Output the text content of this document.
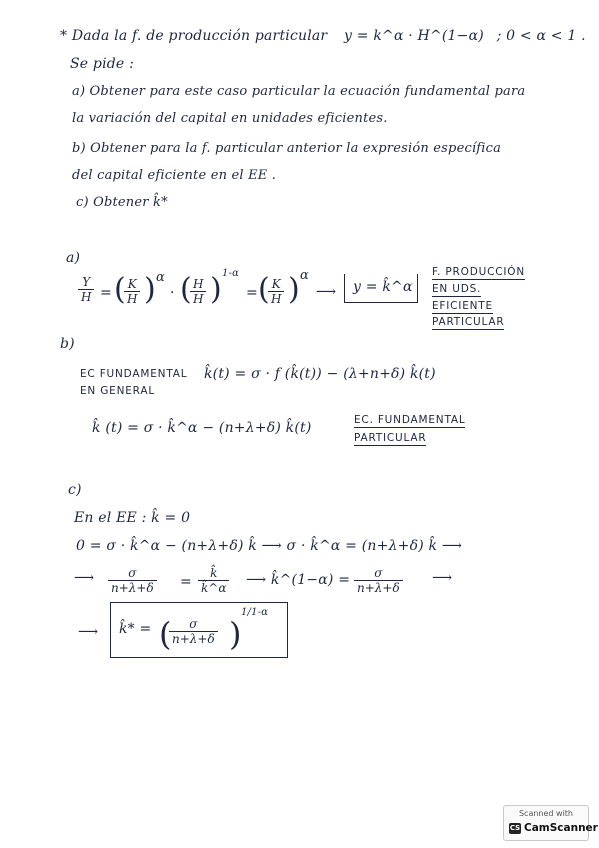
* Dada la f. de producción particular y = k^α · H^(1−α) ; 0 < α < 1 .
Se pide :
a) Obtener para este caso particular la ecuación fundamental para
la variación del capital en unidades eficientes.
b) Obtener para la f. particular anterior la expresión específica
del capital eficiente en el EE .
c) Obtener k̂*
a)
$\frac{Y}{H}$ = (
$\frac{K}{H}$ ) α
· (
$\frac{H}{H}$ ) 1-α
= (
$\frac{K}{H}$ ) α
⟶ y = k̂^α
F. PRODUCCIÓN
EN UDS.
EFICIENTE
PARTICULAR
b)
EC FUNDAMENTAL
EN GENERAL
k̂(t) = σ · f (k̂(t)) − (λ+n+δ) k̂(t)
k̂ (t) = σ · k̂^α − (n+λ+δ) k̂(t)	EC. FUNDAMENTAL
PARTICULAR
c)
En el EE : k̂ = 0
0 = σ · k̂^α − (n+λ+δ) k̂ ⟶ σ · k̂^α = (n+λ+δ) k̂ ⟶
⟶ $\frac{\sigma}{n+\lambda+\delta} = \frac{k̂}{k̂\^{}\alpha}$ ⟶ k̂^(1−α) = $\frac{\sigma}{n+\lambda+\delta}$ ⟶
⟶ k̂* = (
$\frac{\sigma}{n+\lambda+\delta}$ )
1/1-α
Scanned with
CS CamScanner
